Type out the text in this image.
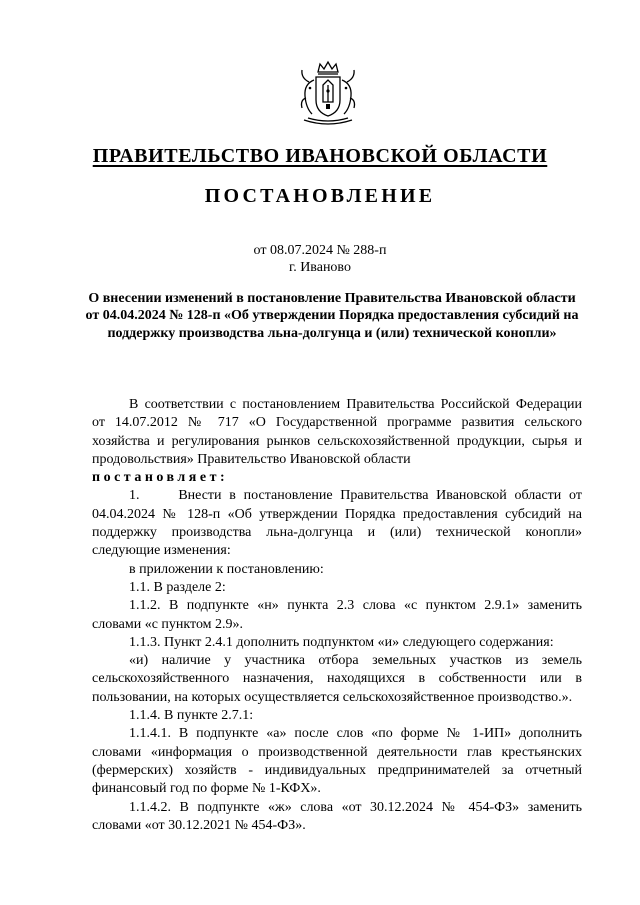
ПРАВИТЕЛЬСТВО ИВАНОВСКОЙ ОБЛАСТИ
ПОСТАНОВЛЕНИЕ
от 08.07.2024 № 288-п
г. Иваново
О внесении изменений в постановление Правительства Ивановской области от 04.04.2024 № 128-п «Об утверждении Порядка предоставления субсидий на поддержку производства льна-долгунца и (или) технической конопли»

В соответствии с постановлением Правительства Российской Федерации от 14.07.2012 № 717 «О Государственной программе развития сельского хозяйства и регулирования рынков сельскохозяйственной продукции, сырья и продовольствия» Правительство Ивановской области

постановляет:

1.     Внести в постановление Правительства Ивановской области от 04.04.2024 № 128-п «Об утверждении Порядка предоставления субсидий на поддержку производства льна-долгунца и (или) технической конопли» следующие изменения:

в приложении к постановлению:

1.1. В разделе 2:

1.1.2. В подпункте «н» пункта 2.3 слова «с пунктом 2.9.1» заменить словами «с пунктом 2.9».

1.1.3. Пункт 2.4.1 дополнить подпунктом «и» следующего содержания:

«и) наличие у участника отбора земельных участков из земель сельскохозяйственного назначения, находящихся в собственности или в пользовании, на которых осуществляется сельскохозяйственное производство.».

1.1.4. В пункте 2.7.1:

1.1.4.1. В подпункте «а» после слов «по форме № 1-ИП» дополнить словами «информация о производственной деятельности глав крестьянских (фермерских) хозяйств - индивидуальных предпринимателей за отчетный финансовый год по форме № 1-КФХ».

1.1.4.2. В подпункте «ж» слова «от 30.12.2024 № 454-ФЗ» заменить словами «от 30.12.2021 № 454-ФЗ».
